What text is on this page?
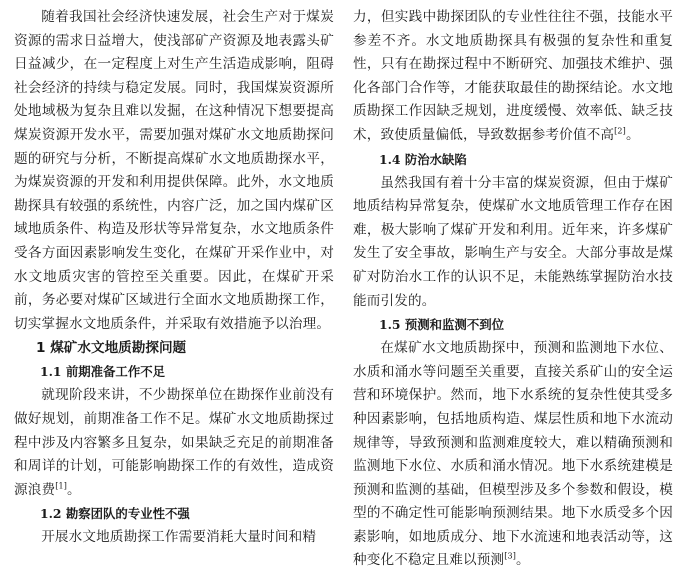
随着我国社会经济快速发展，社会生产对于煤炭资源的需求日益增大，使浅部矿产资源及地表露头矿日益减少，在一定程度上对生产生活造成影响，阻碍社会经济的持续与稳定发展。同时，我国煤炭资源所处地域极为复杂且难以发掘，在这种情况下想要提高煤炭资源开发水平，需要加强对煤矿水文地质勘探问题的研究与分析，不断提高煤矿水文地质勘探水平，为煤炭资源的开发和利用提供保障。此外，水文地质勘探具有较强的系统性，内容广泛，加之国内煤矿区域地质条件、构造及形状等异常复杂，水文地质条件受各方面因素影响发生变化，在煤矿开采作业中，对水文地质灾害的管控至关重要。因此，在煤矿开采前，务必要对煤矿区域进行全面水文地质勘探工作，切实掌握水文地质条件，并采取有效措施予以治理。

1 煤矿水文地质勘探问题

1.1 前期准备工作不足

就现阶段来讲，不少勘探单位在勘探作业前没有做好规划，前期准备工作不足。煤矿水文地质勘探过程中涉及内容繁多且复杂，如果缺乏充足的前期准备和周详的计划，可能影响勘探工作的有效性，造成资源浪费[1]。

1.2 勘察团队的专业性不强

开展水文地质勘探工作需要消耗大量时间和精

力，但实践中勘探团队的专业性往往不强，技能水平参差不齐。水文地质勘探具有极强的复杂性和重复性，只有在勘探过程中不断研究、加强技术维护、强化各部门合作等，才能获取最佳的勘探结论。水文地质勘探工作因缺乏规划，进度缓慢、效率低、缺乏技术，致使质量偏低，导致数据参考价值不高[2]。

1.4 防治水缺陷

虽然我国有着十分丰富的煤炭资源，但由于煤矿地质结构异常复杂，使煤矿水文地质管理工作存在困难，极大影响了煤矿开发和利用。近年来，许多煤矿发生了安全事故，影响生产与安全。大部分事故是煤矿对防治水工作的认识不足，未能熟练掌握防治水技能而引发的。

1.5 预测和监测不到位

在煤矿水文地质勘探中，预测和监测地下水位、水质和涌水等问题至关重要，直接关系矿山的安全运营和环境保护。然而，地下水系统的复杂性使其受多种因素影响，包括地质构造、煤层性质和地下水流动规律等，导致预测和监测难度较大，难以精确预测和监测地下水位、水质和涌水情况。地下水系统建模是预测和监测的基础，但模型涉及多个参数和假设，模型的不确定性可能影响预测结果。地下水质受多个因素影响，如地质成分、地下水流速和地表活动等，这种变化不稳定且难以预测[3]。
